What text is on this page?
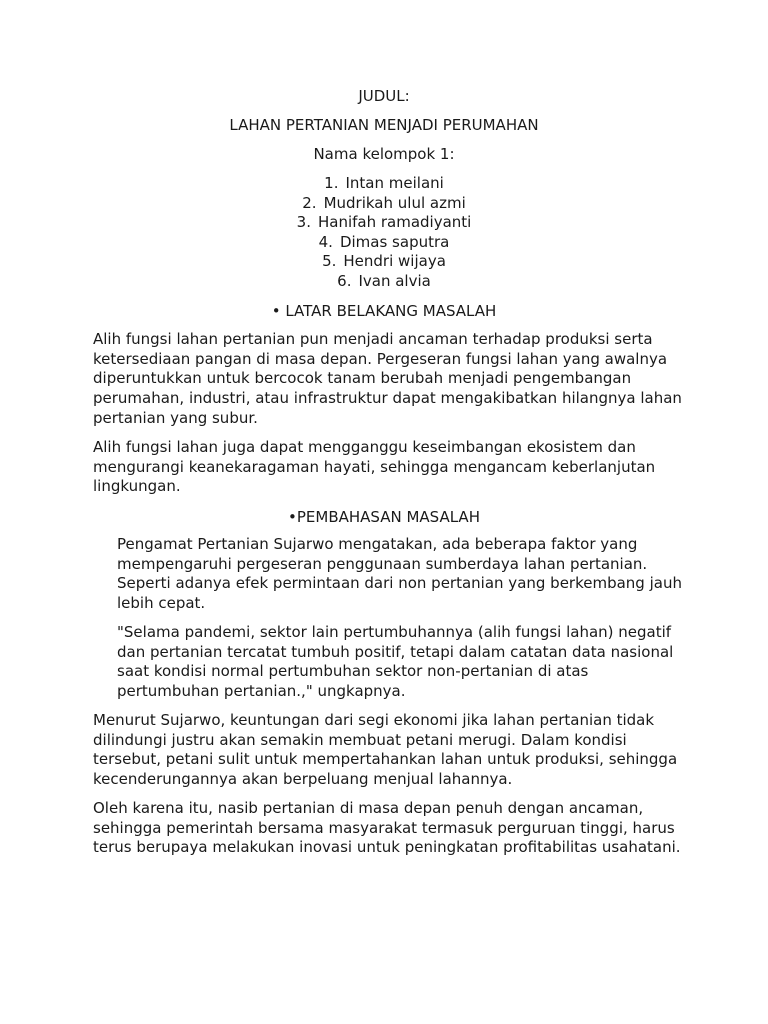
JUDUL:
LAHAN PERTANIAN MENJADI PERUMAHAN
Nama kelompok 1:
1. Intan meilani
2. Mudrikah ulul azmi
3. Hanifah ramadiyanti
4. Dimas saputra
5. Hendri wijaya
6. Ivan alvia
• LATAR BELAKANG MASALAH

Alih fungsi lahan pertanian pun menjadi ancaman terhadap produksi serta ketersediaan pangan di masa depan. Pergeseran fungsi lahan yang awalnya diperuntukkan untuk bercocok tanam berubah menjadi pengembangan perumahan, industri, atau infrastruktur dapat mengakibatkan hilangnya lahan pertanian yang subur.

Alih fungsi lahan juga dapat mengganggu keseimbangan ekosistem dan mengurangi keanekaragaman hayati, sehingga mengancam keberlanjutan lingkungan.

•PEMBAHASAN MASALAH

Pengamat Pertanian Sujarwo mengatakan, ada beberapa faktor yang mempengaruhi pergeseran penggunaan sumberdaya lahan pertanian. Seperti adanya efek permintaan dari non pertanian yang berkembang jauh lebih cepat.

"Selama pandemi, sektor lain pertumbuhannya (alih fungsi lahan) negatif dan pertanian tercatat tumbuh positif, tetapi dalam catatan data nasional saat kondisi normal pertumbuhan sektor non-pertanian di atas pertumbuhan pertanian.," ungkapnya.

Menurut Sujarwo, keuntungan dari segi ekonomi jika lahan pertanian tidak dilindungi justru akan semakin membuat petani merugi. Dalam kondisi tersebut, petani sulit untuk mempertahankan lahan untuk produksi, sehingga kecenderungannya akan berpeluang menjual lahannya.

Oleh karena itu, nasib pertanian di masa depan penuh dengan ancaman, sehingga pemerintah bersama masyarakat termasuk perguruan tinggi, harus terus berupaya melakukan inovasi untuk peningkatan profitabilitas usahatani.
